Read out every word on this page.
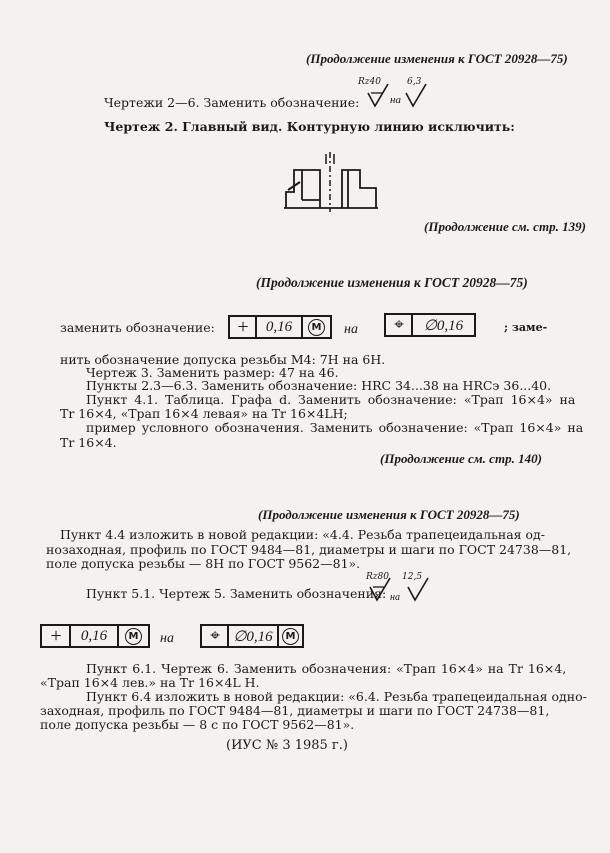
(Продолжение изменения к ГОСТ 20928—75)
Чертежи 2—6. Заменить обозначение:
Rz40
на
6,3
Чертеж 2. Главный вид. Контурную линию исключить:
(Продолжение см. стр. 139)
(Продолжение изменения к ГОСТ 20928—75)
заменить обозначение:	+	0,16	M на	⌖	∅0,16	; заме-
нить обозначение допуска резьбы М4: 7Н на 6Н.
Чертеж 3. Заменить размер: 47 на 46.
Пункты 2.3—6.3. Заменить обозначение: HRC 34...38 на HRCэ 36...40.
Пункт 4.1. Таблица. Графа d. Заменить обозначение: «Трап 16×4» на
Тr 16×4, «Трап 16×4 левая» на Тr 16×4LH;
пример условного обозначения. Заменить обозначение: «Трап 16×4» на
Тr 16×4.
(Продолжение см. стр. 140)
(Продолжение изменения к ГОСТ 20928—75)
Пункт 4.4 изложить в новой редакции: «4.4. Резьба трапецеидальная од-
нозаходная, профиль по ГОСТ 9484—81, диаметры и шаги по ГОСТ 24738—81,
поле допуска резьбы — 8Н по ГОСТ 9562—81».
Пункт 5.1. Чертеж 5. Заменить обозначения:
Rz80
на
12,5
+	0,16	M на	⌖ ∅0,16	M
Пункт 6.1. Чертеж 6. Заменить обозначения: «Трап 16×4» на Тr 16×4,
«Трап 16×4 лев.» на Тr 16×4L H.
Пункт 6.4 изложить в новой редакции: «6.4. Резьба трапецеидальная одно-
заходная, профиль по ГОСТ 9484—81, диаметры и шаги по ГОСТ 24738—81,
поле допуска резьбы — 8 с по ГОСТ 9562—81».
(ИУС № 3 1985 г.)
